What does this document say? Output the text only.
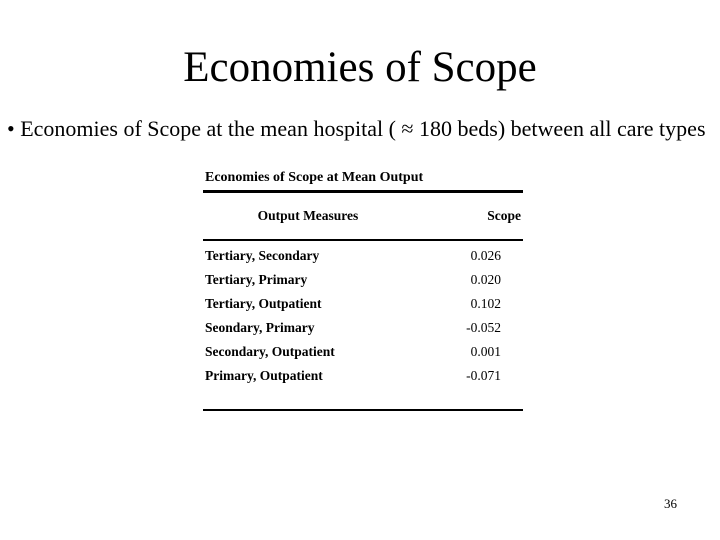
Economies of Scope

• Economies of Scope at the mean hospital ( ≈ 180 beds) between all care types

Economies of Scope at Mean Output
Output Measures	Scope
Tertiary, Secondary	0.026
Tertiary, Primary	0.020
Tertiary, Outpatient	0.102
Seondary, Primary	-0.052
Secondary, Outpatient	0.001
Primary, Outpatient	-0.071
36
